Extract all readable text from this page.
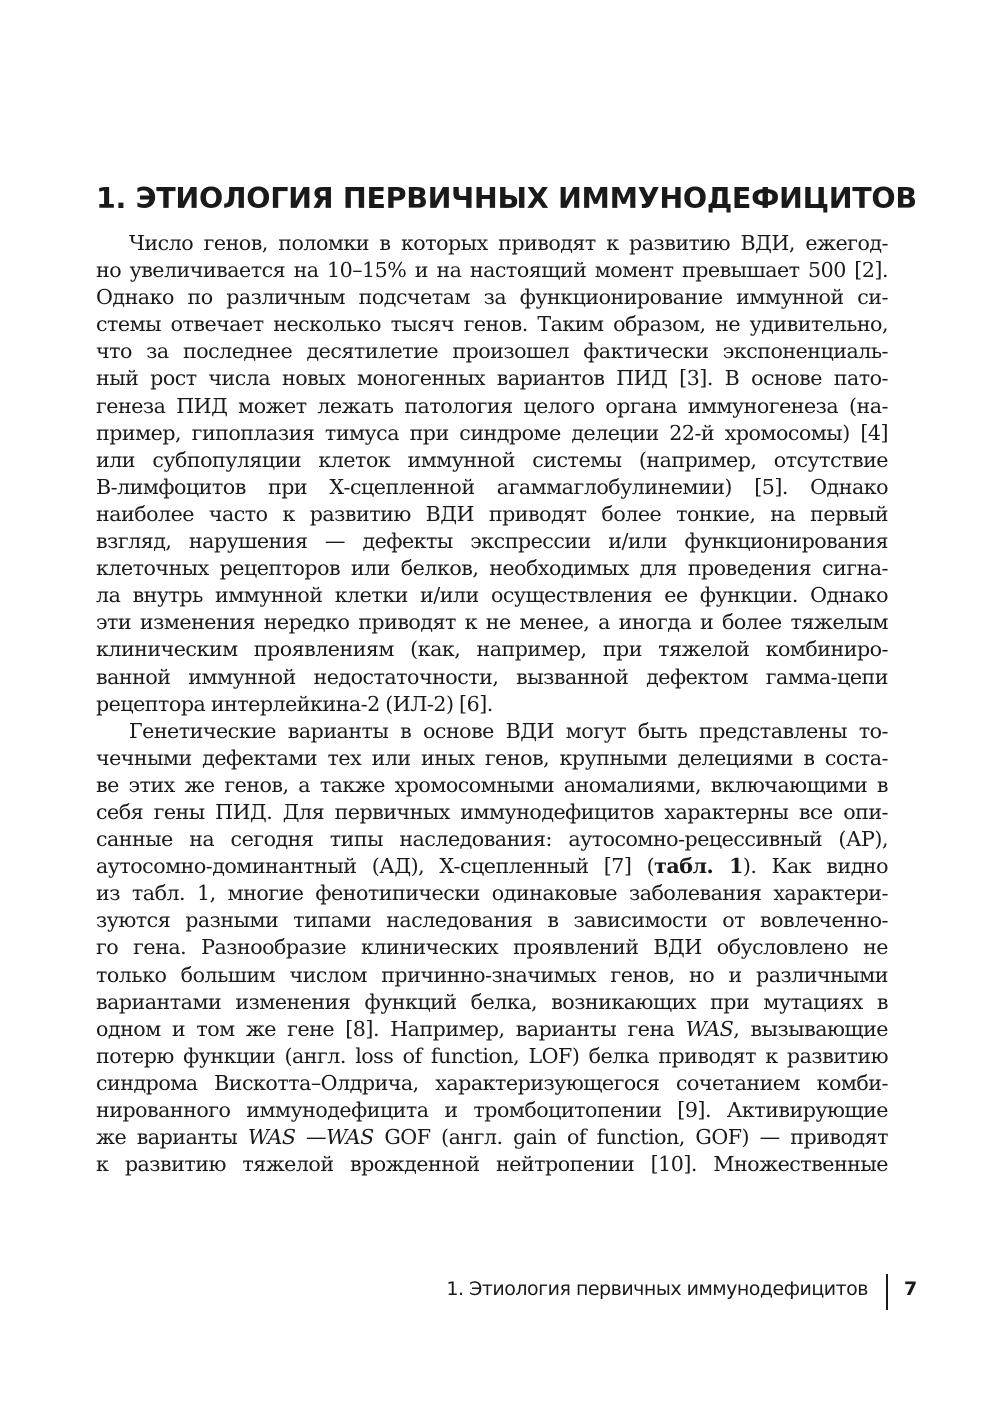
1. ЭТИОЛОГИЯ ПЕРВИЧНЫХ ИММУНОДЕФИЦИТОВ
Число генов, поломки в которых приводят к развитию ВДИ, ежегод-
но увеличивается на 10–15% и на настоящий момент превышает 500 [2].
Однако по различным подсчетам за функционирование иммунной си-
стемы отвечает несколько тысяч генов. Таким образом, не удивительно,
что за последнее десятилетие произошел фактически экспоненциаль-
ный рост числа новых моногенных вариантов ПИД [3]. В основе пато-
генеза ПИД может лежать патология целого органа иммуногенеза (на-
пример, гипоплазия тимуса при синдроме делеции 22-й хромосомы) [4]
или субпопуляции клеток иммунной системы (например, отсутствие
В-лимфоцитов при Х-сцепленной агаммаглобулинемии) [5]. Однако
наиболее часто к развитию ВДИ приводят более тонкие, на первый
взгляд, нарушения — дефекты экспрессии и/или функционирования
клеточных рецепторов или белков, необходимых для проведения сигна-
ла внутрь иммунной клетки и/или осуществления ее функции. Однако
эти изменения нередко приводят к не менее, а иногда и более тяжелым
клиническим проявлениям (как, например, при тяжелой комбиниро-
ванной иммунной недостаточности, вызванной дефектом гамма-цепи
рецептора интерлейкина-2 (ИЛ-2) [6].
Генетические варианты в основе ВДИ могут быть представлены то-
чечными дефектами тех или иных генов, крупными делециями в соста-
ве этих же генов, а также хромосомными аномалиями, включающими в
себя гены ПИД. Для первичных иммунодефицитов характерны все опи-
санные на сегодня типы наследования: аутосомно-рецессивный (АР),
аутосомно-доминантный (АД), Х-сцепленный [7] (табл. 1). Как видно
из табл. 1, многие фенотипически одинаковые заболевания характери-
зуются разными типами наследования в зависимости от вовлеченно-
го гена. Разнообразие клинических проявлений ВДИ обусловлено не
только большим числом причинно-значимых генов, но и различными
вариантами изменения функций белка, возникающих при мутациях в
одном и том же гене [8]. Например, варианты гена WAS, вызывающие
потерю функции (англ. loss of function, LOF) белка приводят к развитию
синдрома Вискотта–Олдрича, характеризующегося сочетанием комби-
нированного иммунодефицита и тромбоцитопении [9]. Активирующие
же варианты WAS —WAS GOF (англ. gain of function, GOF) — приводят
к развитию тяжелой врожденной нейтропении [10]. Множественные
1. Этиология первичных иммунодефицитов 7
